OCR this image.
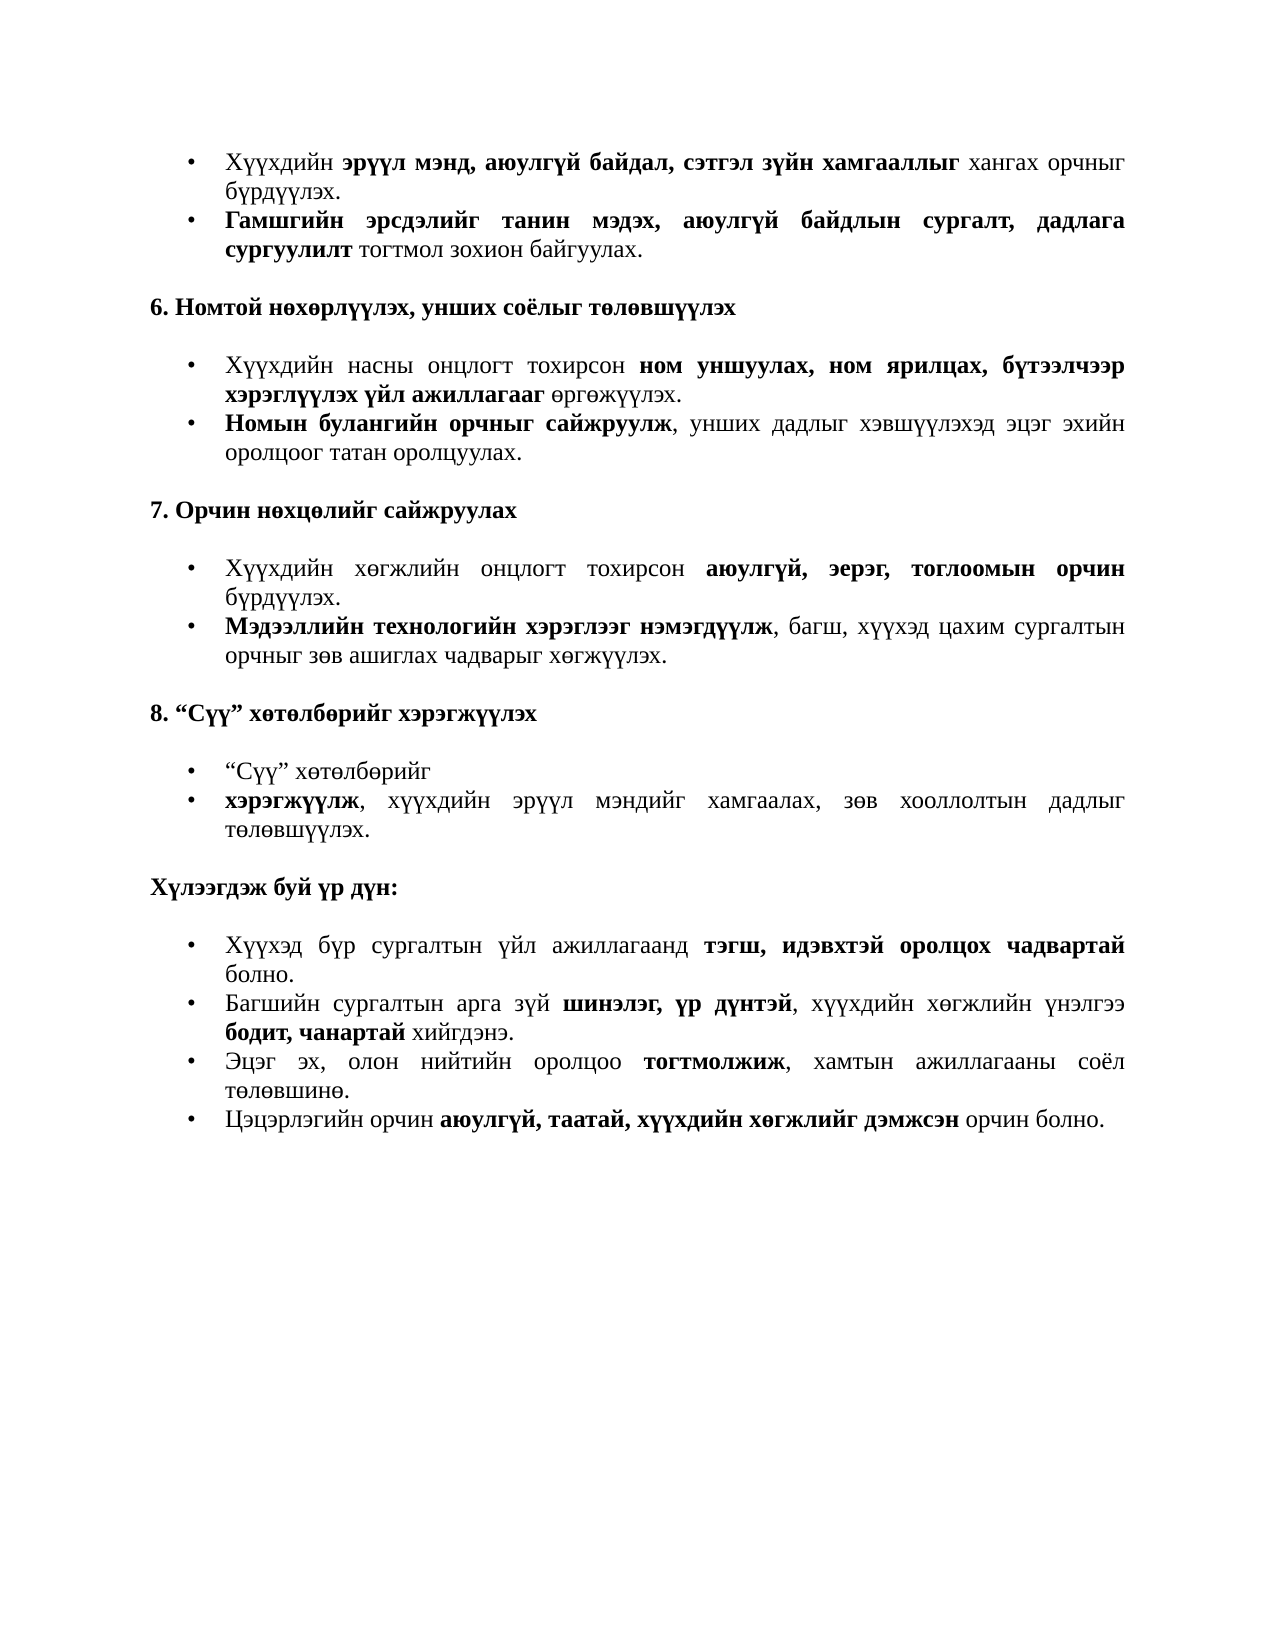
• Хүүхдийн эрүүл мэнд, аюулгүй байдал, сэтгэл зүйн хамгааллыг хангах орчныг бүрдүүлэх.
• Гамшгийн эрсдэлийг танин мэдэх, аюулгүй байдлын сургалт, дадлага сургуулилт тогтмол зохион байгуулах.
6. Номтой нөхөрлүүлэх, унших соёлыг төлөвшүүлэх
• Хүүхдийн насны онцлогт тохирсон ном уншуулах, ном ярилцах, бүтээлчээр хэрэглүүлэх үйл ажиллагааг өргөжүүлэх.
• Номын булангийн орчныг сайжруулж, унших дадлыг хэвшүүлэхэд эцэг эхийн оролцоог татан оролцуулах.
7. Орчин нөхцөлийг сайжруулах
• Хүүхдийн хөгжлийн онцлогт тохирсон аюулгүй, эерэг, тоглоомын орчин бүрдүүлэх.
• Мэдээллийн технологийн хэрэглээг нэмэгдүүлж, багш, хүүхэд цахим сургалтын орчныг зөв ашиглах чадварыг хөгжүүлэх.
8. “Сүү” хөтөлбөрийг хэрэгжүүлэх
• “Сүү” хөтөлбөрийг
• хэрэгжүүлж, хүүхдийн эрүүл мэндийг хамгаалах, зөв хооллолтын дадлыг төлөвшүүлэх.
Хүлээгдэж буй үр дүн:
• Хүүхэд бүр сургалтын үйл ажиллагаанд тэгш, идэвхтэй оролцох чадвартай болно.
• Багшийн сургалтын арга зүй шинэлэг, үр дүнтэй, хүүхдийн хөгжлийн үнэлгээ бодит, чанартай хийгдэнэ.
• Эцэг эх, олон нийтийн оролцоо тогтмолжиж, хамтын ажиллагааны соёл төлөвшинө.
• Цэцэрлэгийн орчин аюулгүй, таатай, хүүхдийн хөгжлийг дэмжсэн орчин болно.
